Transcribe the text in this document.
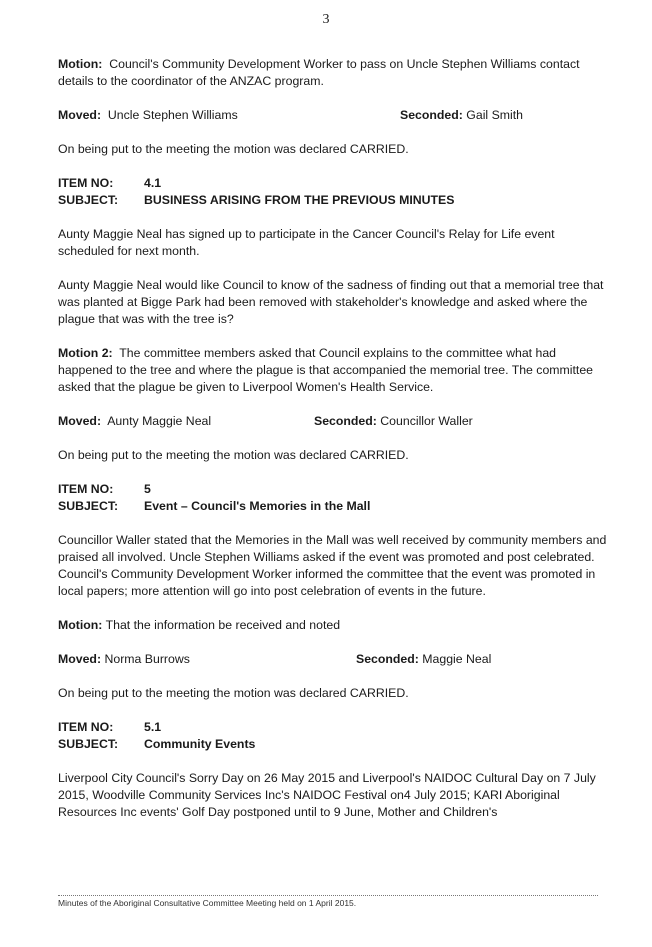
3

Motion: Council's Community Development Worker to pass on Uncle Stephen Williams contact details to the coordinator of the ANZAC program.

Moved: Uncle Stephen Williams	Seconded: Gail Smith

On being put to the meeting the motion was declared CARRIED.

ITEM NO:	4.1
SUBJECT:	BUSINESS ARISING FROM THE PREVIOUS MINUTES

Aunty Maggie Neal has signed up to participate in the Cancer Council's Relay for Life event scheduled for next month.

Aunty Maggie Neal would like Council to know of the sadness of finding out that a memorial tree that was planted at Bigge Park had been removed with stakeholder's knowledge and asked where the plague that was with the tree is?

Motion 2: The committee members asked that Council explains to the committee what had happened to the tree and where the plague is that accompanied the memorial tree. The committee asked that the plague be given to Liverpool Women's Health Service.

Moved: Aunty Maggie Neal	Seconded: Councillor Waller

On being put to the meeting the motion was declared CARRIED.

ITEM NO:	5
SUBJECT:	Event – Council's Memories in the Mall

Councillor Waller stated that the Memories in the Mall was well received by community members and praised all involved. Uncle Stephen Williams asked if the event was promoted and post celebrated. Council's Community Development Worker informed the committee that the event was promoted in local papers; more attention will go into post celebration of events in the future.

Motion: That the information be received and noted

Moved: Norma Burrows	Seconded: Maggie Neal

On being put to the meeting the motion was declared CARRIED.

ITEM NO:	5.1
SUBJECT:	Community Events

Liverpool City Council's Sorry Day on 26 May 2015 and Liverpool's NAIDOC Cultural Day on 7 July 2015, Woodville Community Services Inc's NAIDOC Festival on4 July 2015; KARI Aboriginal Resources Inc events' Golf Day postponed until to 9 June, Mother and Children's

Minutes of the Aboriginal Consultative Committee Meeting held on 1 April 2015.
